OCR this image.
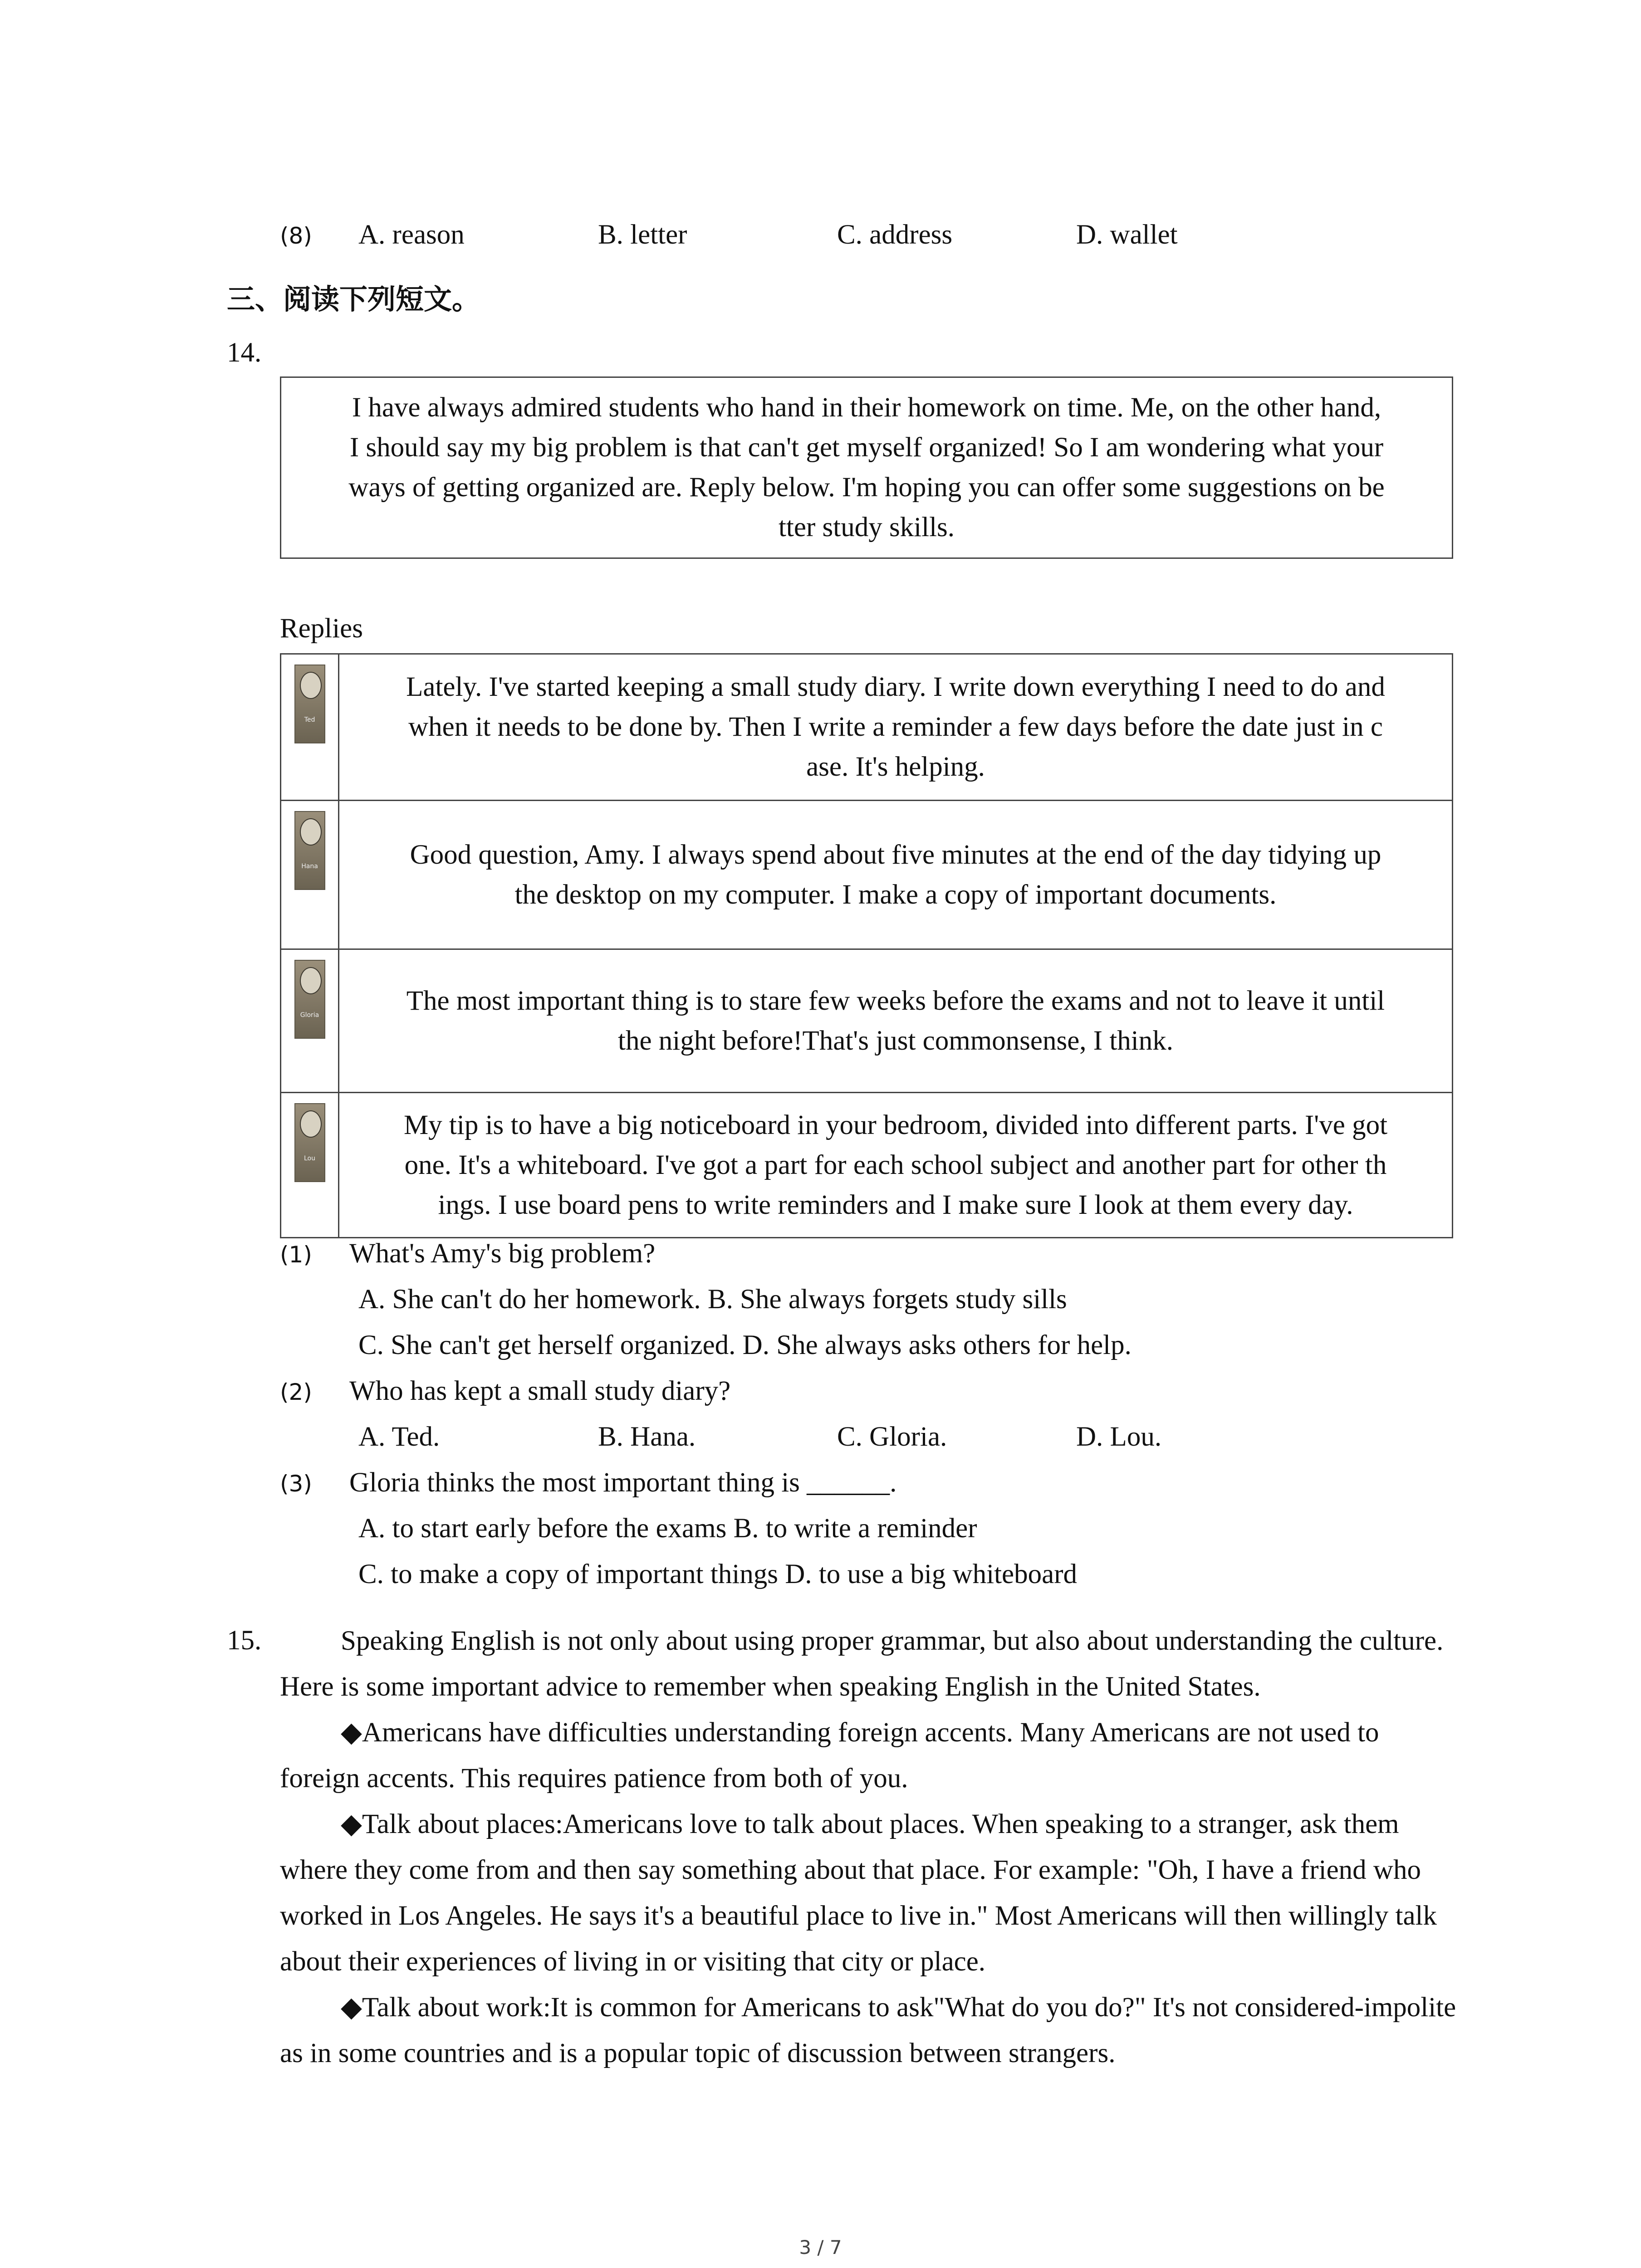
(8) A. reason	B. letter	C. address	D. wallet
三、阅读下列短文。
14.

I have always admired students who hand in their homework on time. Me, on the other hand,

I should say my big problem is that can't get myself organized! So I am wondering what your

ways of getting organized are. Reply below. I'm hoping you can offer some suggestions on be

tter study skills.

Replies
Ted	Lately. I've started keeping a small study diary. I write down everything I need to do and
when it needs to be done by. Then I write a reminder a few days before the date just in c
ase. It's helping.

Hana	Good question, Amy. I always spend about five minutes at the end of the day tidying up
the desktop on my computer. I make a copy of important documents.

Gloria	The most important thing is to stare few weeks before the exams and not to leave it until
the night before!That's just commonsense, I think.

Lou	My tip is to have a big noticeboard in your bedroom, divided into different parts. I've got
one. It's a whiteboard. I've got a part for each school subject and another part for other th
ings. I use board pens to write reminders and I make sure I look at them every day.
(1) What's Amy's big problem?
A. She can't do her homework. B. She always forgets study sills
C. She can't get herself organized. D. She always asks others for help.
(2) Who has kept a small study diary?
A. Ted.	B. Hana.	C. Gloria.	D. Lou.
(3) Gloria thinks the most important thing is ______.
A. to start early before the exams B. to write a reminder
C. to make a copy of important things D. to use a big whiteboard
15.	Speaking English is not only about using proper grammar, but also about understanding the culture. Here is some important advice to remember when speaking English in the United States.

◆Americans have difficulties understanding foreign accents. Many Americans are not used to foreign accents. This requires patience from both of you.

◆Talk about places:Americans love to talk about places. When speaking to a stranger, ask them where they come from and then say something about that place. For example: "Oh, I have a friend who worked in Los Angeles. He says it's a beautiful place to live in." Most Americans will then willingly talk about their experiences of living in or visiting that city or place.

◆Talk about work:It is common for Americans to ask"What do you do?" It's not considered-impolite as in some countries and is a popular topic of discussion between strangers.

3 / 7
